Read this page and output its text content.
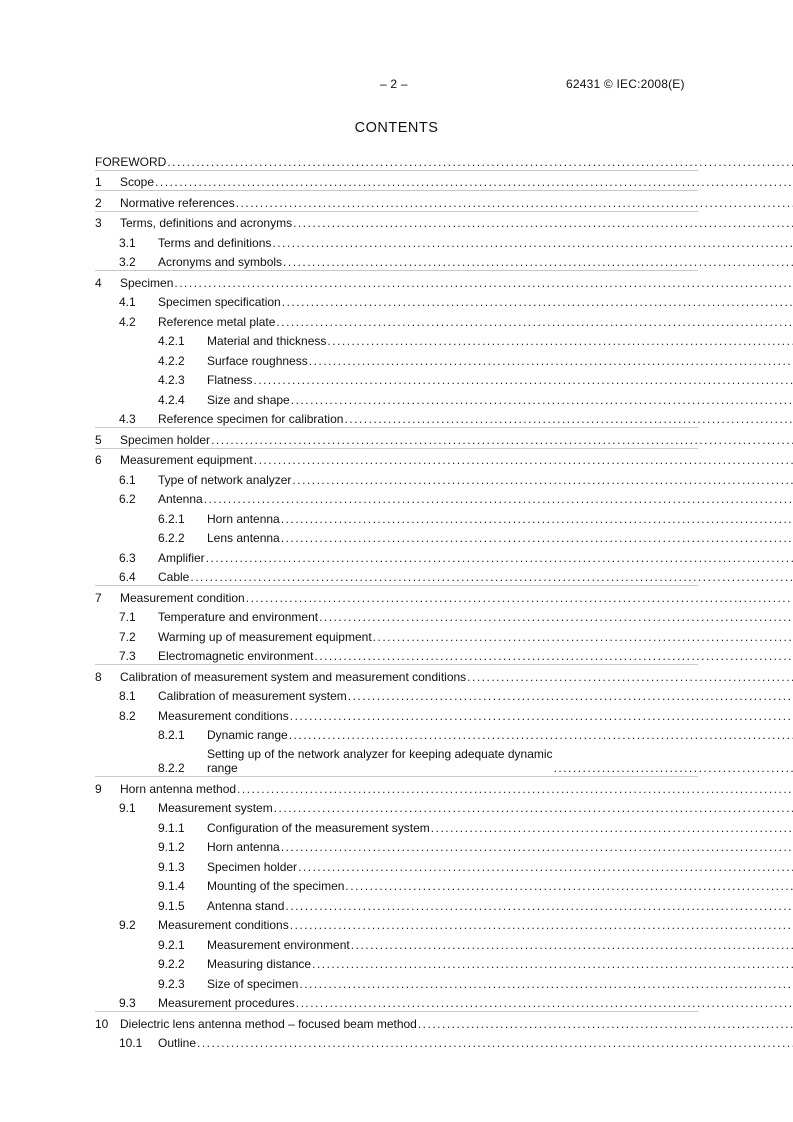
– 2 –	62431 © IEC:2008(E)
CONTENTS
FOREWORD
.....
1 Scope
.....
2 Normative references
.....
3 Terms, definitions and acronyms
.....
3.1 Terms and definitions
.....
3.2 Acronyms and symbols
.....
4 Specimen
.....
4.1 Specimen specification
.....
4.2 Reference metal plate
.....
4.2.1 Material and thickness
.....
4.2.2 Surface roughness
.....
4.2.3 Flatness
.....
4.2.4 Size and shape
.....
4.3 Reference specimen for calibration
.....
5 Specimen holder
.....
6 Measurement equipment
.....
6.1 Type of network analyzer
.....
6.2 Antenna
.....
6.2.1 Horn antenna
.....
6.2.2 Lens antenna
.....
6.3 Amplifier
.....
6.4 Cable
.....
7 Measurement condition
.....
7.1 Temperature and environment
.....
7.2 Warming up of measurement equipment
.....
7.3 Electromagnetic environment
.....
8 Calibration of measurement system and measurement conditions
.....
8.1 Calibration of measurement system
.....
8.2 Measurement conditions
.....
8.2.1 Dynamic range
.....
8.2.2
Setting up of the network analyzer for keeping adequate dynamic
range
.....
9 Horn antenna method
.....
9.1 Measurement system
.....
9.1.1 Configuration of the measurement system
.....
9.1.2 Horn antenna
.....
9.1.3 Specimen holder
.....
9.1.4 Mounting of the specimen
.....
9.1.5 Antenna stand
.....
9.2 Measurement conditions
.....
9.2.1 Measurement environment
.....
9.2.2 Measuring distance
.....
9.2.3 Size of specimen
.....
9.3 Measurement procedures
.....
10 Dielectric lens antenna method – focused beam method
.....
10.1 Outline
.....
